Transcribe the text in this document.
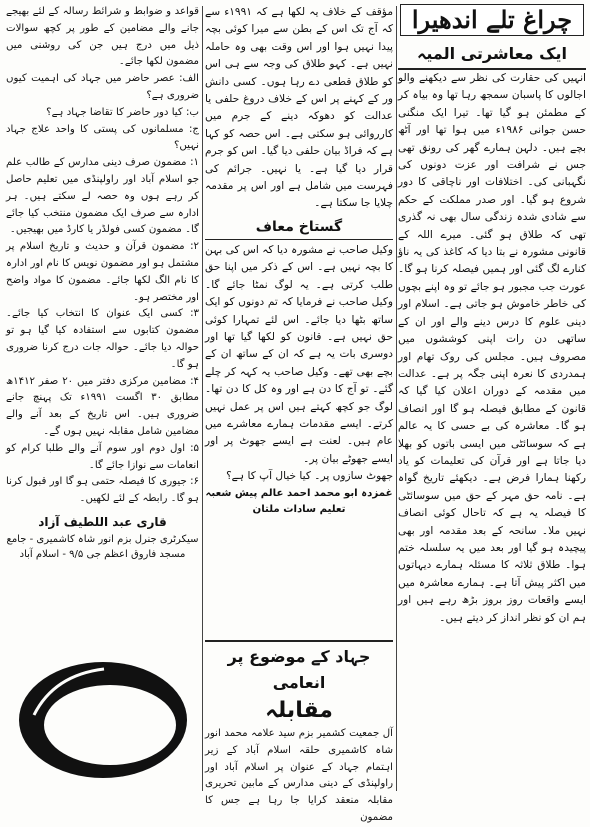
چراغ تلے اندھیرا
ایک معاشرتی المیہ

انہیں کی حقارت کی نظر سے دیکھنے والو اجالوں کا پاسبان سمجھ رہا تھا وہ بیاہ کر کے مطمئن ہو گیا تھا۔ تیرا ایک منگنی حسن جوانی ۱۹۸۶ء میں ہوا تھا اور آٹھ بچے ہیں۔ دلہن ہمارے گھر کی رونق تھی جس نے شرافت اور عزت دونوں کی نگہبانی کی۔ اختلافات اور ناچاقی کا دور شروع ہو گیا۔ اور صدر مملکت کے حکم سے شادی شدہ زندگی سال بھی نہ گذری تھی کہ طلاق ہو گئی۔ میرے اللہ کے قانونی مشورہ نے بتا دیا کہ کاغذ کی یہ ناؤ کنارے لگ گئی اور ہمیں فیصلہ کرنا ہو گا۔ عورت جب مجبور ہو جائے تو وہ اپنے بچوں کی خاطر خاموش ہو جاتی ہے۔ اسلام اور دینی علوم کا درس دینے والے اور ان کے ساتھی دن رات اپنی کوششوں میں مصروف ہیں۔ مجلس کی روک تھام اور ہمدردی کا نعرہ اپنی جگہ پر ہے۔ عدالت میں مقدمہ کے دوران اعلان کیا گیا کہ قانون کے مطابق فیصلہ ہو گا اور انصاف ہو گا۔ معاشرہ کی بے حسی کا یہ عالم ہے کہ سوسائٹی میں ایسی باتوں کو بھلا دیا جاتا ہے اور قرآن کی تعلیمات کو یاد رکھنا ہمارا فرض ہے۔ دیکھئے تاریخ گواہ ہے۔ نامہ حق مہر کے حق میں سوسائٹی کا فیصلہ یہ ہے کہ تاحال کوئی انصاف نہیں ملا۔ سانحہ کے بعد مقدمہ اور بھی پیچیدہ ہو گیا اور بعد میں یہ سلسلہ ختم ہوا۔ طلاق ثلاثہ کا مسئلہ ہمارے دیہاتوں میں اکثر پیش آتا ہے۔ ہمارے معاشرہ میں ایسے واقعات روز بروز بڑھ رہے ہیں اور ہم ان کو نظر انداز کر دیتے ہیں۔

مؤقف کے خلاف یہ لکھا ہے کہ ۱۹۹۱ء سے کہ آج تک اس کے بطن سے میرا کوئی بچہ پیدا نہیں ہوا اور اس وقت بھی وہ حاملہ نہیں ہے۔ کہو طلاق کی وجہ سے ہی اس کو طلاق قطعی دے رہا ہوں۔ کسی دانش ور کے کہنے پر اس کے خلاف دروغ حلفی یا عدالت کو دھوکہ دینے کے جرم میں کارروائی ہو سکتی ہے۔ اس حصہ کو کہا ہے کہ فراڈ بیان حلفی دیا گیا۔ اس کو جرم قرار دیا گیا ہے۔ یا نہیں۔ جرائم کی فہرست میں شامل ہے اور اس پر مقدمہ چلایا جا سکتا ہے۔

گستاخ معاف

وکیل صاحب نے مشورہ دیا کہ اس کی بہن کا بچہ نہیں ہے۔ اس کے ذکر میں اپنا حق طلب کرتی ہے۔ یہ لوگ نمٹا جائے گا۔ وکیل صاحب نے فرمایا کہ تم دونوں کو ایک ساتھ بٹھا دیا جائے۔ اس لئے تمہارا کوئی حق نہیں ہے۔ قانون کو لکھا گیا تھا اور دوسری بات یہ ہے کہ ان کے ساتھ ان کے بچے بھی تھے۔ وکیل صاحب یہ کہہ کر چلے گئے۔ تو آج کا دن ہے اور وہ کل کا دن تھا۔ لوگ جو کچھ کہتے ہیں اس پر عمل نہیں کرتے۔ ایسے مقدمات ہمارے معاشرے میں عام ہیں۔ لعنت ہے ایسے جھوٹ پر اور ایسے جھوٹے بیان پر۔

جھوٹ سازوں پر۔ کیا خیال آپ کا ہے؟

غمزدہ ابو محمد احمد عالم پیش شعبہ تعلیم سادات ملتان

قواعد و ضوابط و شرائط رسالہ کے لئے بھیجے جانے والے مضامین کے طور پر کچھ سوالات ذیل میں درج ہیں جن کی روشنی میں مضمون لکھا جائے۔

الف: عصر حاضر میں جہاد کی اہمیت کیوں ضروری ہے؟

ب: کیا دور حاضر کا تقاضا جہاد ہے؟

ج: مسلمانوں کی پستی کا واحد علاج جہاد نہیں؟

۱: مضمون صرف دینی مدارس کے طالب علم جو اسلام آباد اور راولپنڈی میں تعلیم حاصل کر رہے ہوں وہ حصہ لے سکتے ہیں۔ ہر ادارہ سے صرف ایک مضمون منتخب کیا جائے گا۔ مضمون کسی فولڈر یا کارڈ میں بھیجیں۔

۲: مضمون قرآن و حدیث و تاریخ اسلام پر مشتمل ہو اور مضمون نویس کا نام اور ادارہ کا نام الگ لکھا جائے۔ مضمون کا مواد واضح اور مختصر ہو۔

۳: کسی ایک عنوان کا انتخاب کیا جائے۔ مضمون کتابوں سے استفادہ کیا گیا ہو تو حوالہ دیا جائے۔ حوالہ جات درج کرنا ضروری ہو گا۔

۴: مضامین مرکزی دفتر میں ۲۰ صفر ۱۴۱۲ھ مطابق ۳۰ اگست ۱۹۹۱ء تک پہنچ جانے ضروری ہیں۔ اس تاریخ کے بعد آنے والے مضامین شامل مقابلہ نہیں ہوں گے۔

۵: اول دوم اور سوم آنے والے طلبا کرام کو انعامات سے نوازا جائے گا۔

۶: جیوری کا فیصلہ حتمی ہو گا اور قبول کرنا ہو گا۔ رابطہ کے لئے لکھیں۔

قاری عبد اللطیف آزاد

سیکرٹری جنرل بزم انور شاہ کاشمیری - جامع مسجد فاروق اعظم جی ۹/۵ - اسلام آباد

جہاد کے موضوع پر انعامی
مقابلہ

آل جمعیت کشمیر بزم سید علامہ محمد انور شاہ کاشمیری حلقہ اسلام آباد کے زیر اہتمام جہاد کے عنوان پر اسلام آباد اور راولپنڈی کے دینی مدارس کے مابین تحریری مقابلہ منعقد کرایا جا رہا ہے جس کا مضمون
